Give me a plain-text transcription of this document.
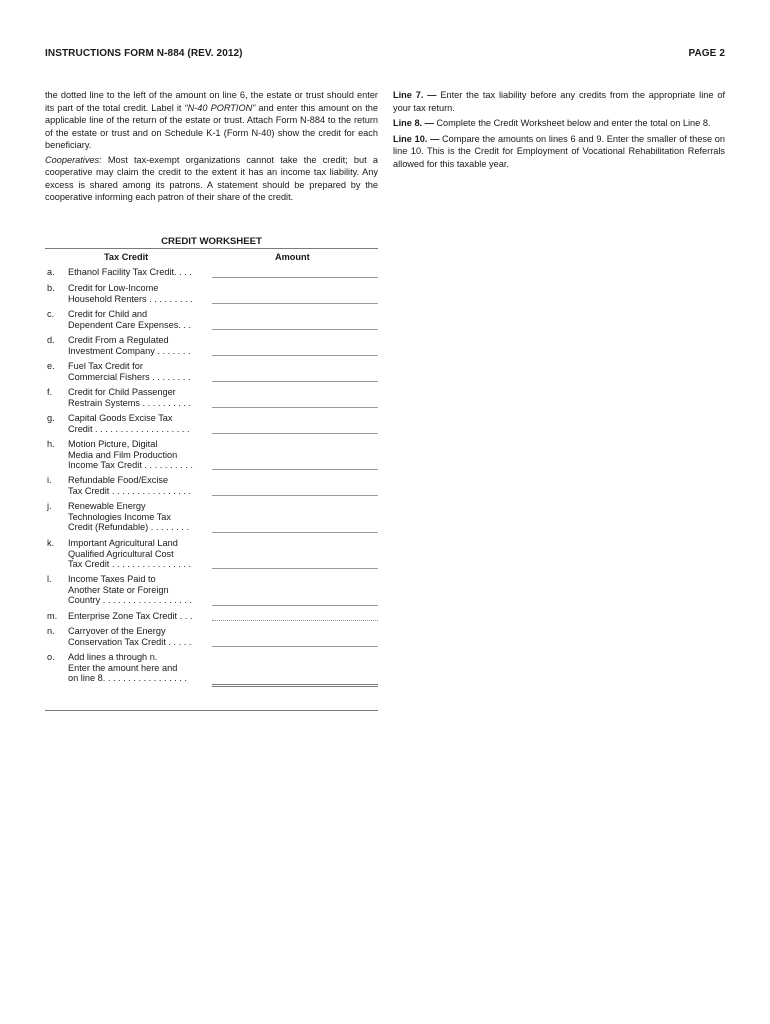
INSTRUCTIONS FORM N-884 (REV. 2012)	PAGE 2

the dotted line to the left of the amount on line 6, the estate or trust should enter its part of the total credit. Label it “N-40 PORTION” and enter this amount on the applicable line of the return of the estate or trust. Attach Form N-884 to the return of the estate or trust and on Schedule K-1 (Form N-40) show the credit for each beneficiary.

Cooperatives: Most tax-exempt organizations cannot take the credit; but a cooperative may claim the credit to the extent it has an income tax liability. Any excess is shared among its patrons. A statement should be prepared by the cooperative informing each patron of their share of the credit.

Line 7. — Enter the tax liability before any credits from the appropriate line of your tax return.

Line 8. — Complete the Credit Worksheet below and enter the total on Line 8.

Line 10. — Compare the amounts on lines 6 and 9. Enter the smaller of these on line 10. This is the Credit for Employment of Vocational Rehabilitation Referrals allowed for this taxable year.

CREDIT WORKSHEET
Tax Credit	Amount
a.	Ethanol Facility Tax Credit. . . .
b.	Credit for Low-Income
Household Renters . . . . . . . . .
c.	Credit for Child and
Dependent Care Expenses. . .
d.	Credit From a Regulated
Investment Company . . . . . . .
e.	Fuel Tax Credit for
Commercial Fishers . . . . . . . .
f.	Credit for Child Passenger
Restrain Systems . . . . . . . . . .
g.	Capital Goods Excise Tax
Credit . . . . . . . . . . . . . . . . . . .
h.	Motion Picture, Digital
Media and Film Production
Income Tax Credit . . . . . . . . . .
i.	Refundable Food/Excise
Tax Credit . . . . . . . . . . . . . . . .
j.	Renewable Energy
Technologies Income Tax
Credit (Refundable) . . . . . . . .
k.	Important Agricultural Land
Qualified Agricultural Cost
Tax Credit . . . . . . . . . . . . . . . .
l.	Income Taxes Paid to
Another State or Foreign
Country . . . . . . . . . . . . . . . . . .
m.	Enterprise Zone Tax Credit . . .
n.	Carryover of the Energy
Conservation Tax Credit . . . . .
o.	Add lines a through n.
Enter the amount here and
on line 8. . . . . . . . . . . . . . . . .
